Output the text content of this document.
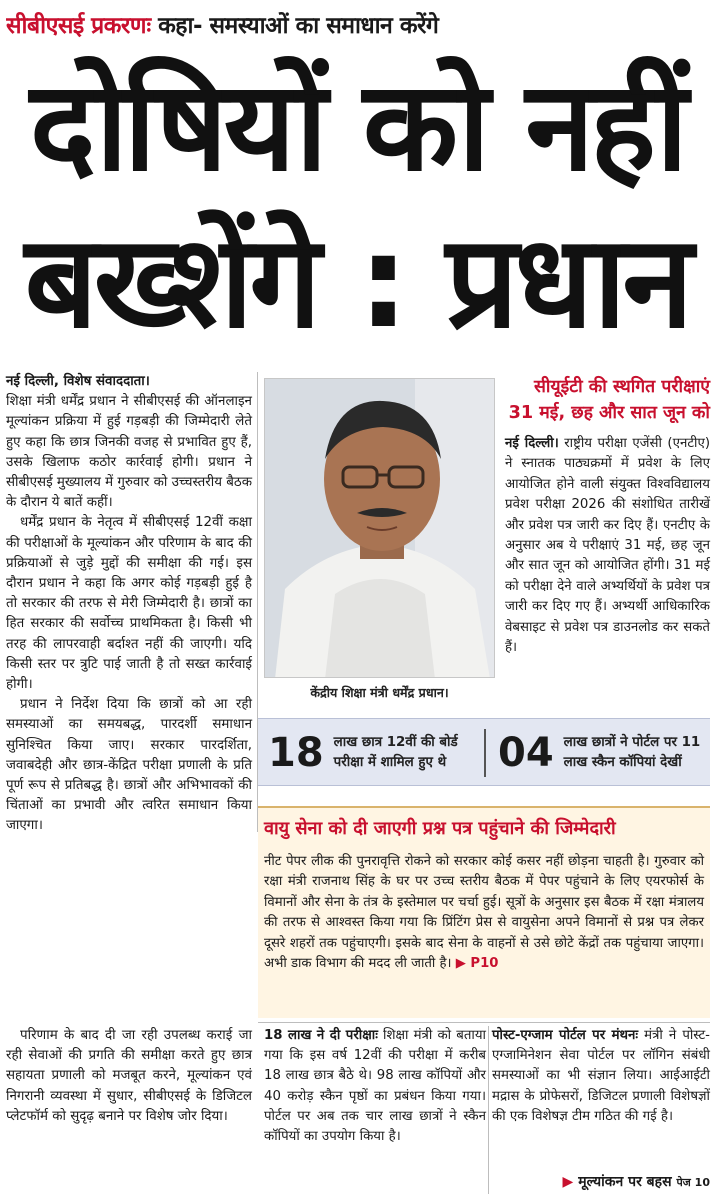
सीबीएसई प्रकरणः कहा- समस्याओं का समाधान करेंगे
दोषियों को नहीं
बख्शेंगे : प्रधान

नई दिल्ली, विशेष संवाददाता।

शिक्षा मंत्री धर्मेंद्र प्रधान ने सीबीएसई की ऑनलाइन मूल्यांकन प्रक्रिया में हुई गड़बड़ी की जिम्मेदारी लेते हुए कहा कि छात्र जिनकी वजह से प्रभावित हुए हैं, उसके खिलाफ कठोर कार्रवाई होगी। प्रधान ने सीबीएसई मुख्यालय में गुरुवार को उच्चस्तरीय बैठक के दौरान ये बातें कहीं।

धर्मेंद्र प्रधान के नेतृत्व में सीबीएसई 12वीं कक्षा की परीक्षाओं के मूल्यांकन और परिणाम के बाद की प्रक्रियाओं से जुड़े मुद्दों की समीक्षा की गई। इस दौरान प्रधान ने कहा कि अगर कोई गड़बड़ी हुई है तो सरकार की तरफ से मेरी जिम्मेदारी है। छात्रों का हित सरकार की सर्वोच्च प्राथमिकता है। किसी भी तरह की लापरवाही बर्दाश्त नहीं की जाएगी। यदि किसी स्तर पर त्रुटि पाई जाती है तो सख्त कार्रवाई होगी।

प्रधान ने निर्देश दिया कि छात्रों को आ रही समस्याओं का समयबद्ध, पारदर्शी समाधान सुनिश्चित किया जाए। सरकार पारदर्शिता, जवाबदेही और छात्र-केंद्रित परीक्षा प्रणाली के प्रति पूर्ण रूप से प्रतिबद्ध है। छात्रों और अभिभावकों की चिंताओं का प्रभावी और त्वरित समाधान किया जाएगा।

केंद्रीय शिक्षा मंत्री धर्मेंद्र प्रधान।
सीयूईटी की स्थगित परीक्षाएं
31 मई, छह और सात जून को
नई दिल्ली। राष्ट्रीय परीक्षा एजेंसी (एनटीए) ने स्नातक पाठ्यक्रमों में प्रवेश के लिए आयोजित होने वाली संयुक्त विश्वविद्यालय प्रवेश परीक्षा 2026 की संशोधित तारीखें और प्रवेश पत्र जारी कर दिए हैं। एनटीए के अनुसार अब ये परीक्षाएं 31 मई, छह जून और सात जून को आयोजित होंगी। 31 मई को परीक्षा देने वाले अभ्यर्थियों के प्रवेश पत्र जारी कर दिए गए हैं। अभ्यर्थी आधिकारिक वेबसाइट से प्रवेश पत्र डाउनलोड कर सकते हैं।
18 लाख छात्र 12वीं की बोर्ड परीक्षा में शामिल हुए थे	04 लाख छात्रों ने पोर्टल पर 11 लाख स्कैन कॉपियां देखीं
वायु सेना को दी जाएगी प्रश्न पत्र पहुंचाने की जिम्मेदारी
नीट पेपर लीक की पुनरावृत्ति रोकने को सरकार कोई कसर नहीं छोड़ना चाहती है। गुरुवार को रक्षा मंत्री राजनाथ सिंह के घर पर उच्च स्तरीय बैठक में पेपर पहुंचाने के लिए एयरफोर्स के विमानों और सेना के तंत्र के इस्तेमाल पर चर्चा हुई। सूत्रों के अनुसार इस बैठक में रक्षा मंत्रालय की तरफ से आश्वस्त किया गया कि प्रिंटिंग प्रेस से वायुसेना अपने विमानों से प्रश्न पत्र लेकर दूसरे शहरों तक पहुंचाएगी। इसके बाद सेना के वाहनों से उसे छोटे केंद्रों तक पहुंचाया जाएगा। अभी डाक विभाग की मदद ली जाती है। ▶ P10

परिणाम के बाद दी जा रही उपलब्ध कराई जा रही सेवाओं की प्रगति की समीक्षा करते हुए छात्र सहायता प्रणाली को मजबूत करने, मूल्यांकन एवं निगरानी व्यवस्था में सुधार, सीबीएसई के डिजिटल प्लेटफॉर्म को सुदृढ़ बनाने पर विशेष जोर दिया।

18 लाख ने दी परीक्षाः शिक्षा मंत्री को बताया गया कि इस वर्ष 12वीं की परीक्षा में करीब 18 लाख छात्र बैठे थे। 98 लाख कॉपियों और 40 करोड़ स्कैन पृष्ठों का प्रबंधन किया गया। पोर्टल पर अब तक चार लाख छात्रों ने स्कैन कॉपियों का उपयोग किया है।
पोस्ट-एग्जाम पोर्टल पर मंथनः मंत्री ने पोस्ट-एग्जामिनेशन सेवा पोर्टल पर लॉगिन संबंधी समस्याओं का भी संज्ञान लिया। आईआईटी मद्रास के प्रोफेसरों, डिजिटल प्रणाली विशेषज्ञों की एक विशेषज्ञ टीम गठित की गई है।
▶ मूल्यांकन पर बहस पेज 10
